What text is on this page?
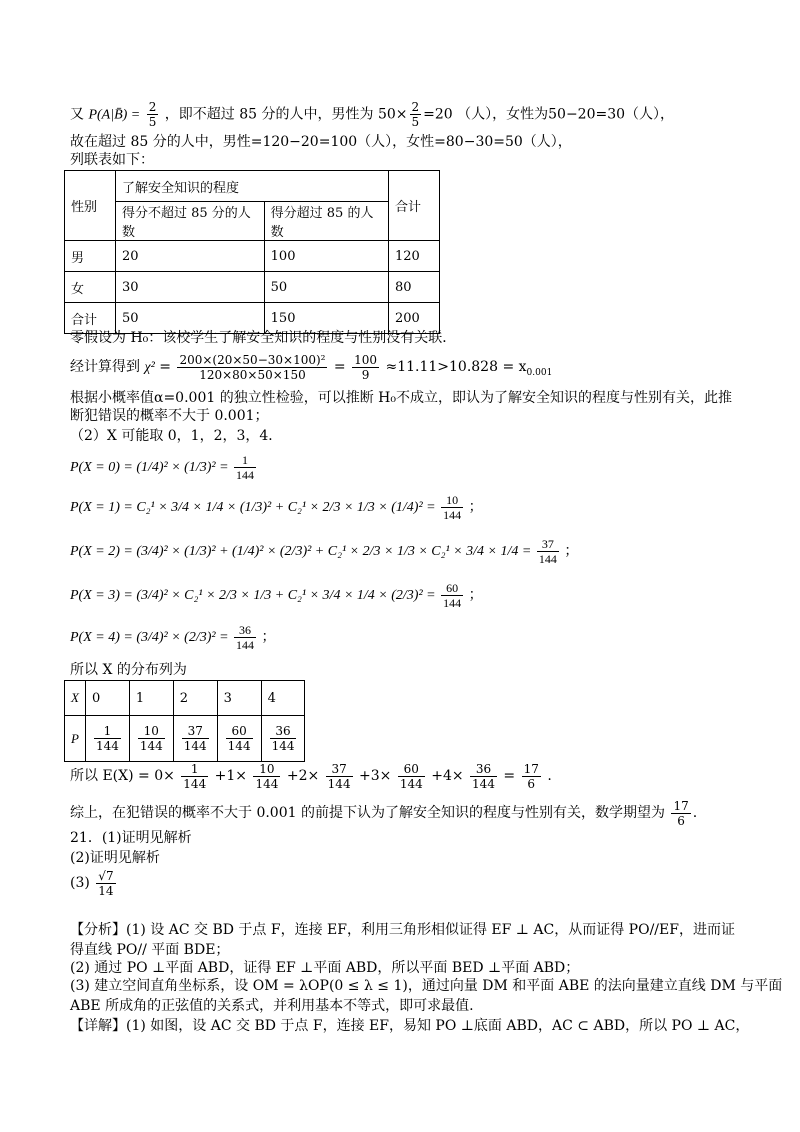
又 P(A|B̄) = $\frac{2}{5}$ ，即不超过 85 分的人中，男性为 $50\times \frac{2}{5} =20$ （人），女性为50−20=30（人），
故在超过 85 分的人中，男性=120−20=100（人），女性=80−30=50（人），
列联表如下：
性别	了解安全知识的程度		合计
	得分不超过 85 分的人数	得分超过 85 的人数	
男	20	100	120
女	30	50	80
合计	50	150	200
零假设为 H₀：该校学生了解安全知识的程度与性别没有关联．
经计算得到 $\chi^2 = \frac{\text{200×(20×50−30×100)²}}{120\times 80\times 50\times 150} = \frac{100}{9} \approx 11.11>10.828 = x_{0.001}$
根据小概率值α=0.001 的独立性检验，可以推断 H₀不成立，即认为了解安全知识的程度与性别有关，此推
断犯错误的概率不大于 0.001；
（2）X 可能取 0，1，2，3，4．
$P(X = 0) = (1/4)^2 \times (1/3)^2 = \frac{1}{144}$
$P(X = 1) = C_2^1 \times 3/4 \times 1/4 \times (1/3)^2 + C_2^1 \times 2/3 \times 1/3 \times (1/4)^2 = \frac{10}{144}$ ；
$P(X = 2) = (3/4)^2 \times (1/3)^2 + (1/4)^2 \times (2/3)^2 + C_2^1 \times 2/3 \times 1/3 \times C_2^1 \times 3/4 \times 1/4 = \frac{37}{144}$ ；
$P(X = 3) = (3/4)^2 \times C_2^1 \times 2/3 \times 1/3 + C_2^1 \times 3/4 \times 1/4 \times (2/3)^2 = \frac{60}{144}$ ；
$P(X = 4) = (3/4)^2 \times (2/3)^2 = \frac{36}{144}$ ；
所以 X 的分布列为
X	0	1	2	3	4
P	$\frac{1}{144}$	$\frac{10}{144}$	$\frac{37}{144}$	$\frac{60}{144}$	$\frac{36}{144}$
所以 $E(X) = 0\times \frac{1}{144} +1\times \frac{10}{144} +2\times \frac{37}{144} +3\times \frac{60}{144} +4\times \frac{36}{144} = \frac{17}{6}$ .
综上，在犯错误的概率不大于 0.001 的前提下认为了解安全知识的程度与性别有关，数学期望为 $\frac{17}{6}$ .
21．(1)证明见解析
(2)证明见解析
$(3) \frac{√7}{14}$
【分析】(1) 设 AC 交 BD 于点 F，连接 EF，利用三角形相似证得 EF ⊥ AC，从而证得 PO//EF，进而证
得直线 PO// 平面 BDE；
(2) 通过 PO ⊥平面 ABD，证得 EF ⊥平面 ABD，所以平面 BED ⊥平面 ABD；
(3) 建立空间直角坐标系，设 OM = λOP(0 ≤ λ ≤ 1)，通过向量 DM 和平面 ABE 的法向量建立直线 DM 与平面
ABE 所成角的正弦值的关系式，并利用基本不等式，即可求最值.
【详解】(1) 如图，设 AC 交 BD 于点 F，连接 EF，易知 PO ⊥底面 ABD，AC ⊂ ABD，所以 PO ⊥ AC，
